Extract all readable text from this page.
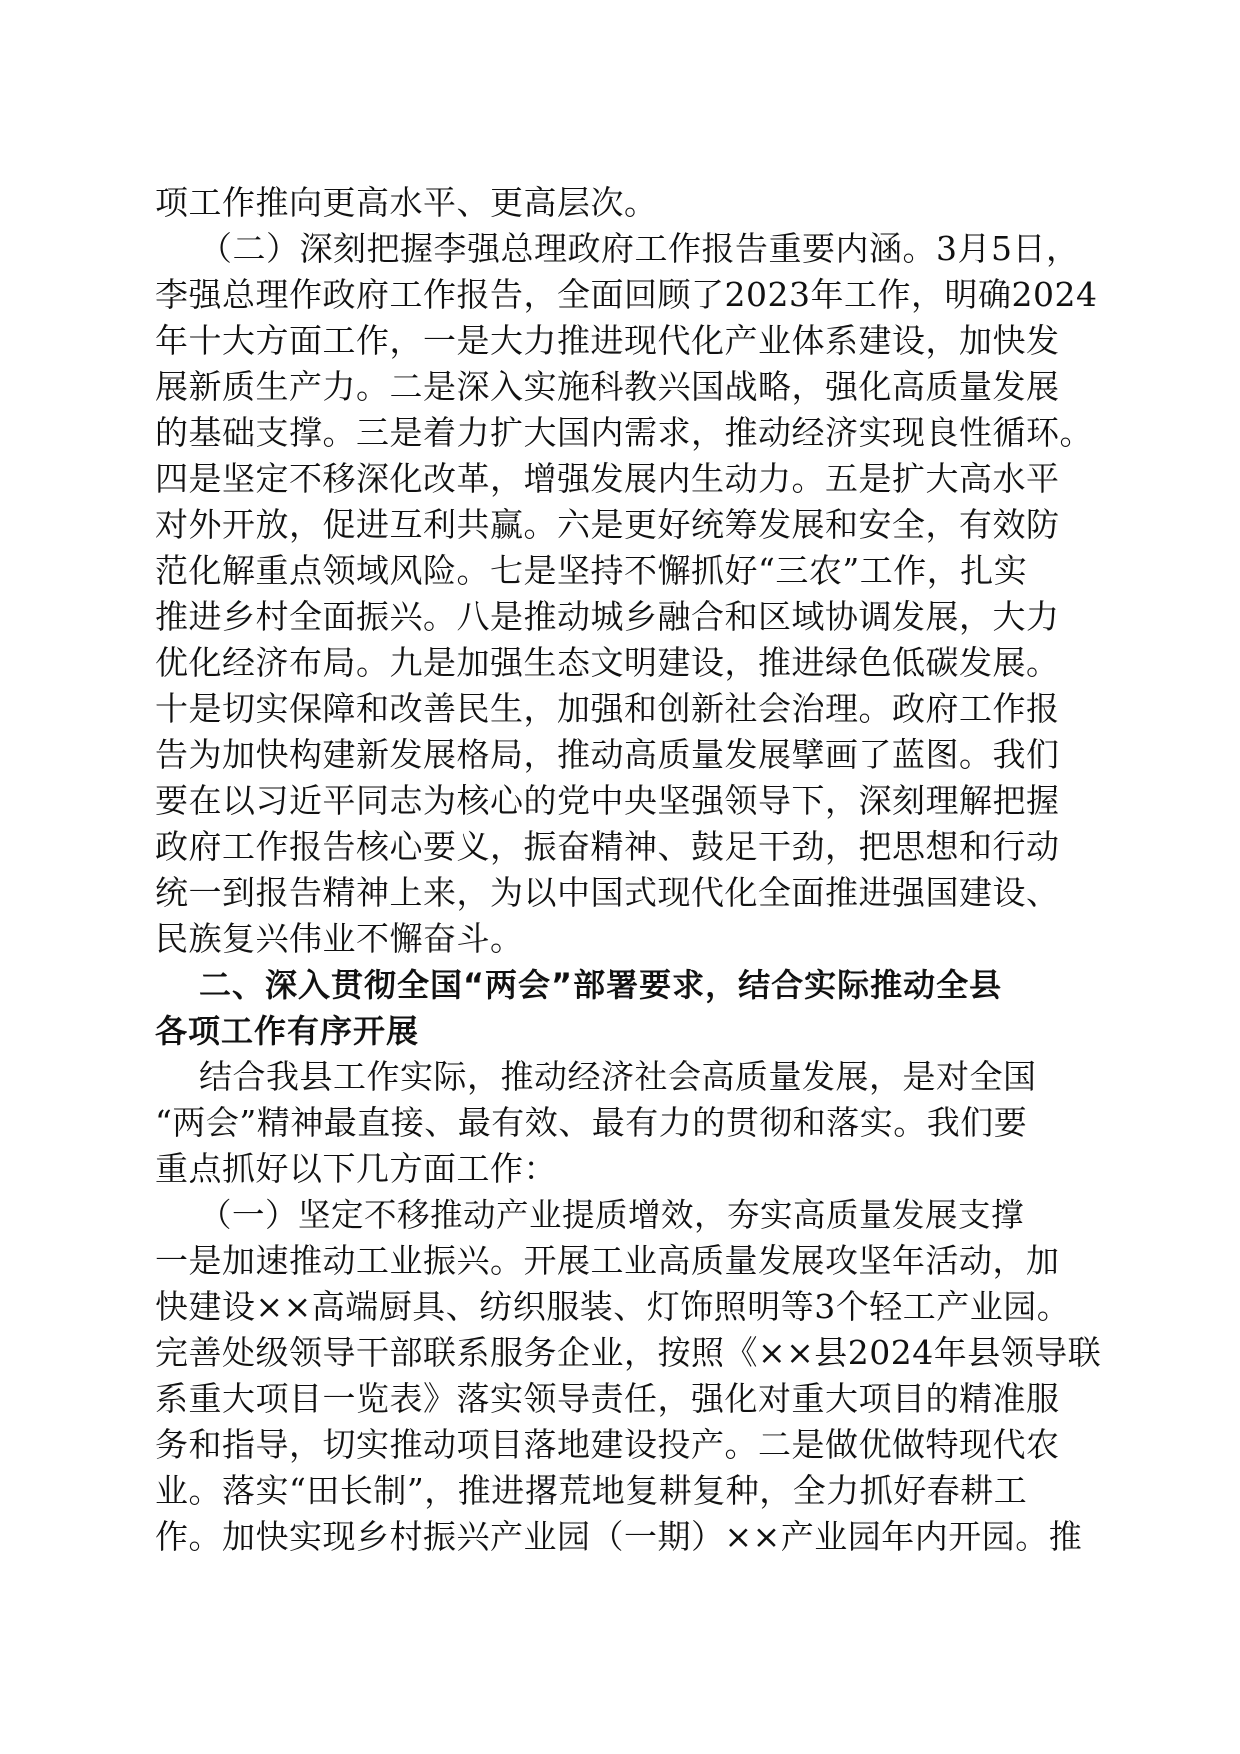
项工作推向更高水平、更高层次。
（二）深刻把握李强总理政府工作报告重要内涵。3月5日，
李强总理作政府工作报告，全面回顾了2023年工作，明确2024
年十大方面工作，一是大力推进现代化产业体系建设，加快发
展新质生产力。二是深入实施科教兴国战略，强化高质量发展
的基础支撑。三是着力扩大国内需求，推动经济实现良性循环。
四是坚定不移深化改革，增强发展内生动力。五是扩大高水平
对外开放，促进互利共赢。六是更好统筹发展和安全，有效防
范化解重点领域风险。七是坚持不懈抓好“三农”工作，扎实
推进乡村全面振兴。八是推动城乡融合和区域协调发展，大力
优化经济布局。九是加强生态文明建设，推进绿色低碳发展。
十是切实保障和改善民生，加强和创新社会治理。政府工作报
告为加快构建新发展格局，推动高质量发展擘画了蓝图。我们
要在以习近平同志为核心的党中央坚强领导下，深刻理解把握
政府工作报告核心要义，振奋精神、鼓足干劲，把思想和行动
统一到报告精神上来，为以中国式现代化全面推进强国建设、
民族复兴伟业不懈奋斗。
二、深入贯彻全国“两会”部署要求，结合实际推动全县
各项工作有序开展
结合我县工作实际，推动经济社会高质量发展，是对全国
“两会”精神最直接、最有效、最有力的贯彻和落实。我们要
重点抓好以下几方面工作：
（一）坚定不移推动产业提质增效，夯实高质量发展支撑
一是加速推动工业振兴。开展工业高质量发展攻坚年活动，加
快建设××高端厨具、纺织服装、灯饰照明等3个轻工产业园。
完善处级领导干部联系服务企业，按照《××县2024年县领导联
系重大项目一览表》落实领导责任，强化对重大项目的精准服
务和指导，切实推动项目落地建设投产。二是做优做特现代农
业。落实“田长制”，推进撂荒地复耕复种，全力抓好春耕工
作。加快实现乡村振兴产业园（一期）××产业园年内开园。推
